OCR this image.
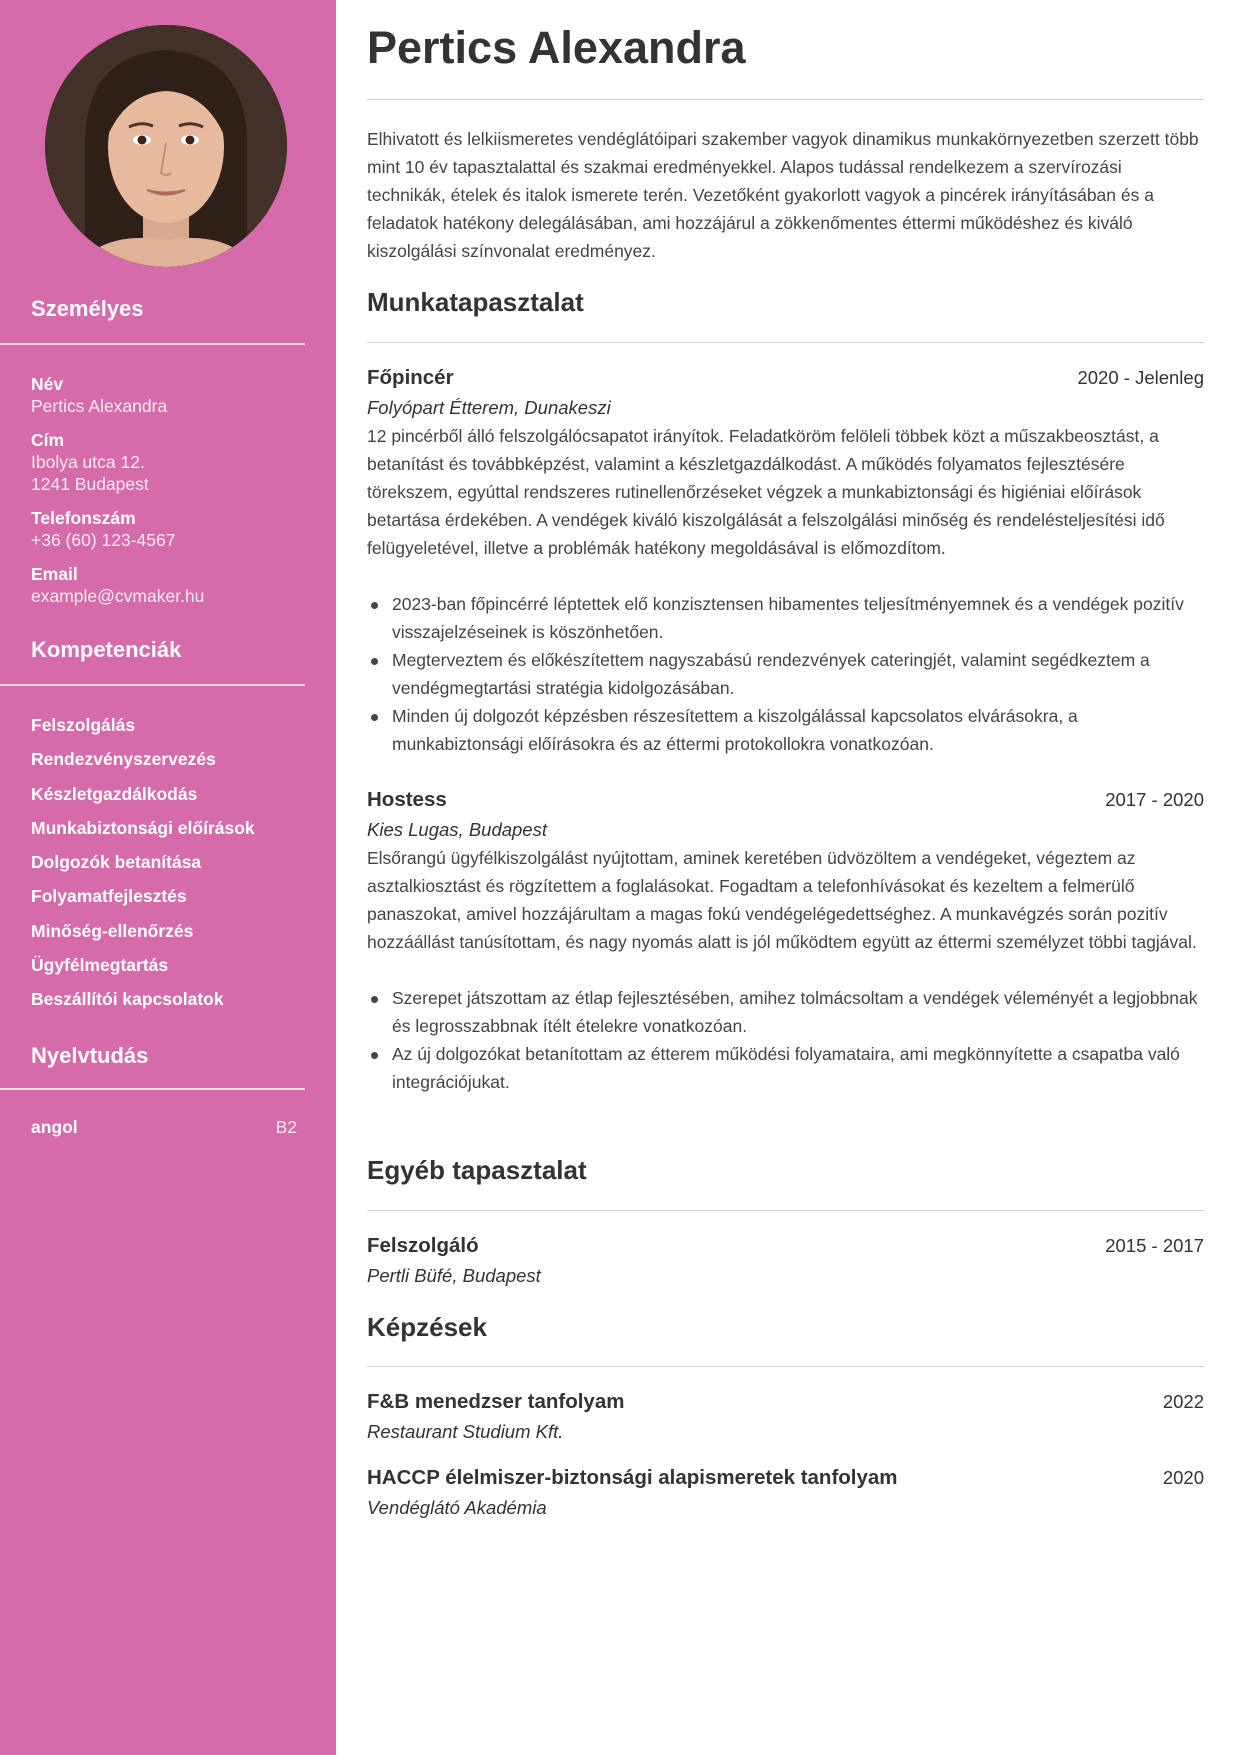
Személyes
Név
Pertics Alexandra
Cím
Ibolya utca 12.
1241 Budapest
Telefonszám
+36 (60) 123-4567
Email
example@cvmaker.hu
Kompetenciák
Felszolgálás
Rendezvényszervezés
Készletgazdálkodás
Munkabiztonsági előírások
Dolgozók betanítása
Folyamatfejlesztés
Minőség-ellenőrzés
Ügyfélmegtartás
Beszállítói kapcsolatok
Nyelvtudás
angol	B2
Pertics Alexandra

Elhivatott és lelkiismeretes vendéglátóipari szakember vagyok dinamikus munkakörnyezetben szerzett több mint 10 év tapasztalattal és szakmai eredményekkel. Alapos tudással rendelkezem a szervírozási technikák, ételek és italok ismerete terén. Vezetőként gyakorlott vagyok a pincérek irányításában és a feladatok hatékony delegálásában, ami hozzájárul a zökkenőmentes éttermi működéshez és kiváló kiszolgálási színvonalat eredményez.

Munkatapasztalat
Főpincér	2020 - Jelenleg
Folyópart Étterem, Dunakeszi

12 pincérből álló felszolgálócsapatot irányítok. Feladatköröm felöleli többek közt a műszakbeosztást, a betanítást és továbbképzést, valamint a készletgazdálkodást. A működés folyamatos fejlesztésére törekszem, egyúttal rendszeres rutinellenőrzéseket végzek a munkabiztonsági és higiéniai előírások betartása érdekében. A vendégek kiváló kiszolgálását a felszolgálási minőség és rendelésteljesítési idő felügyeletével, illetve a problémák hatékony megoldásával is előmozdítom.

2023-ban főpincérré léptettek elő konzisztensen hibamentes teljesítményemnek és a vendégek pozitív visszajelzéseinek is köszönhetően.
Megterveztem és előkészítettem nagyszabású rendezvények cateringjét, valamint segédkeztem a vendégmegtartási stratégia kidolgozásában.
Minden új dolgozót képzésben részesítettem a kiszolgálással kapcsolatos elvárásokra, a munkabiztonsági előírásokra és az éttermi protokollokra vonatkozóan.
Hostess	2017 - 2020
Kies Lugas, Budapest

Elsőrangú ügyfélkiszolgálást nyújtottam, aminek keretében üdvözöltem a vendégeket, végeztem az asztalkiosztást és rögzítettem a foglalásokat. Fogadtam a telefonhívásokat és kezeltem a felmerülő panaszokat, amivel hozzájárultam a magas fokú vendégelégedettséghez. A munkavégzés során pozitív hozzáállást tanúsítottam, és nagy nyomás alatt is jól működtem együtt az éttermi személyzet többi tagjával.

Szerepet játszottam az étlap fejlesztésében, amihez tolmácsoltam a vendégek véleményét a legjobbnak és legrosszabbnak ítélt ételekre vonatkozóan.
Az új dolgozókat betanítottam az étterem működési folyamataira, ami megkönnyítette a csapatba való integrációjukat.
Egyéb tapasztalat
Felszolgáló	2015 - 2017
Pertli Büfé, Budapest
Képzések
F&B menedzser tanfolyam	2022
Restaurant Studium Kft.
HACCP élelmiszer-biztonsági alapismeretek tanfolyam	2020
Vendéglátó Akadémia
